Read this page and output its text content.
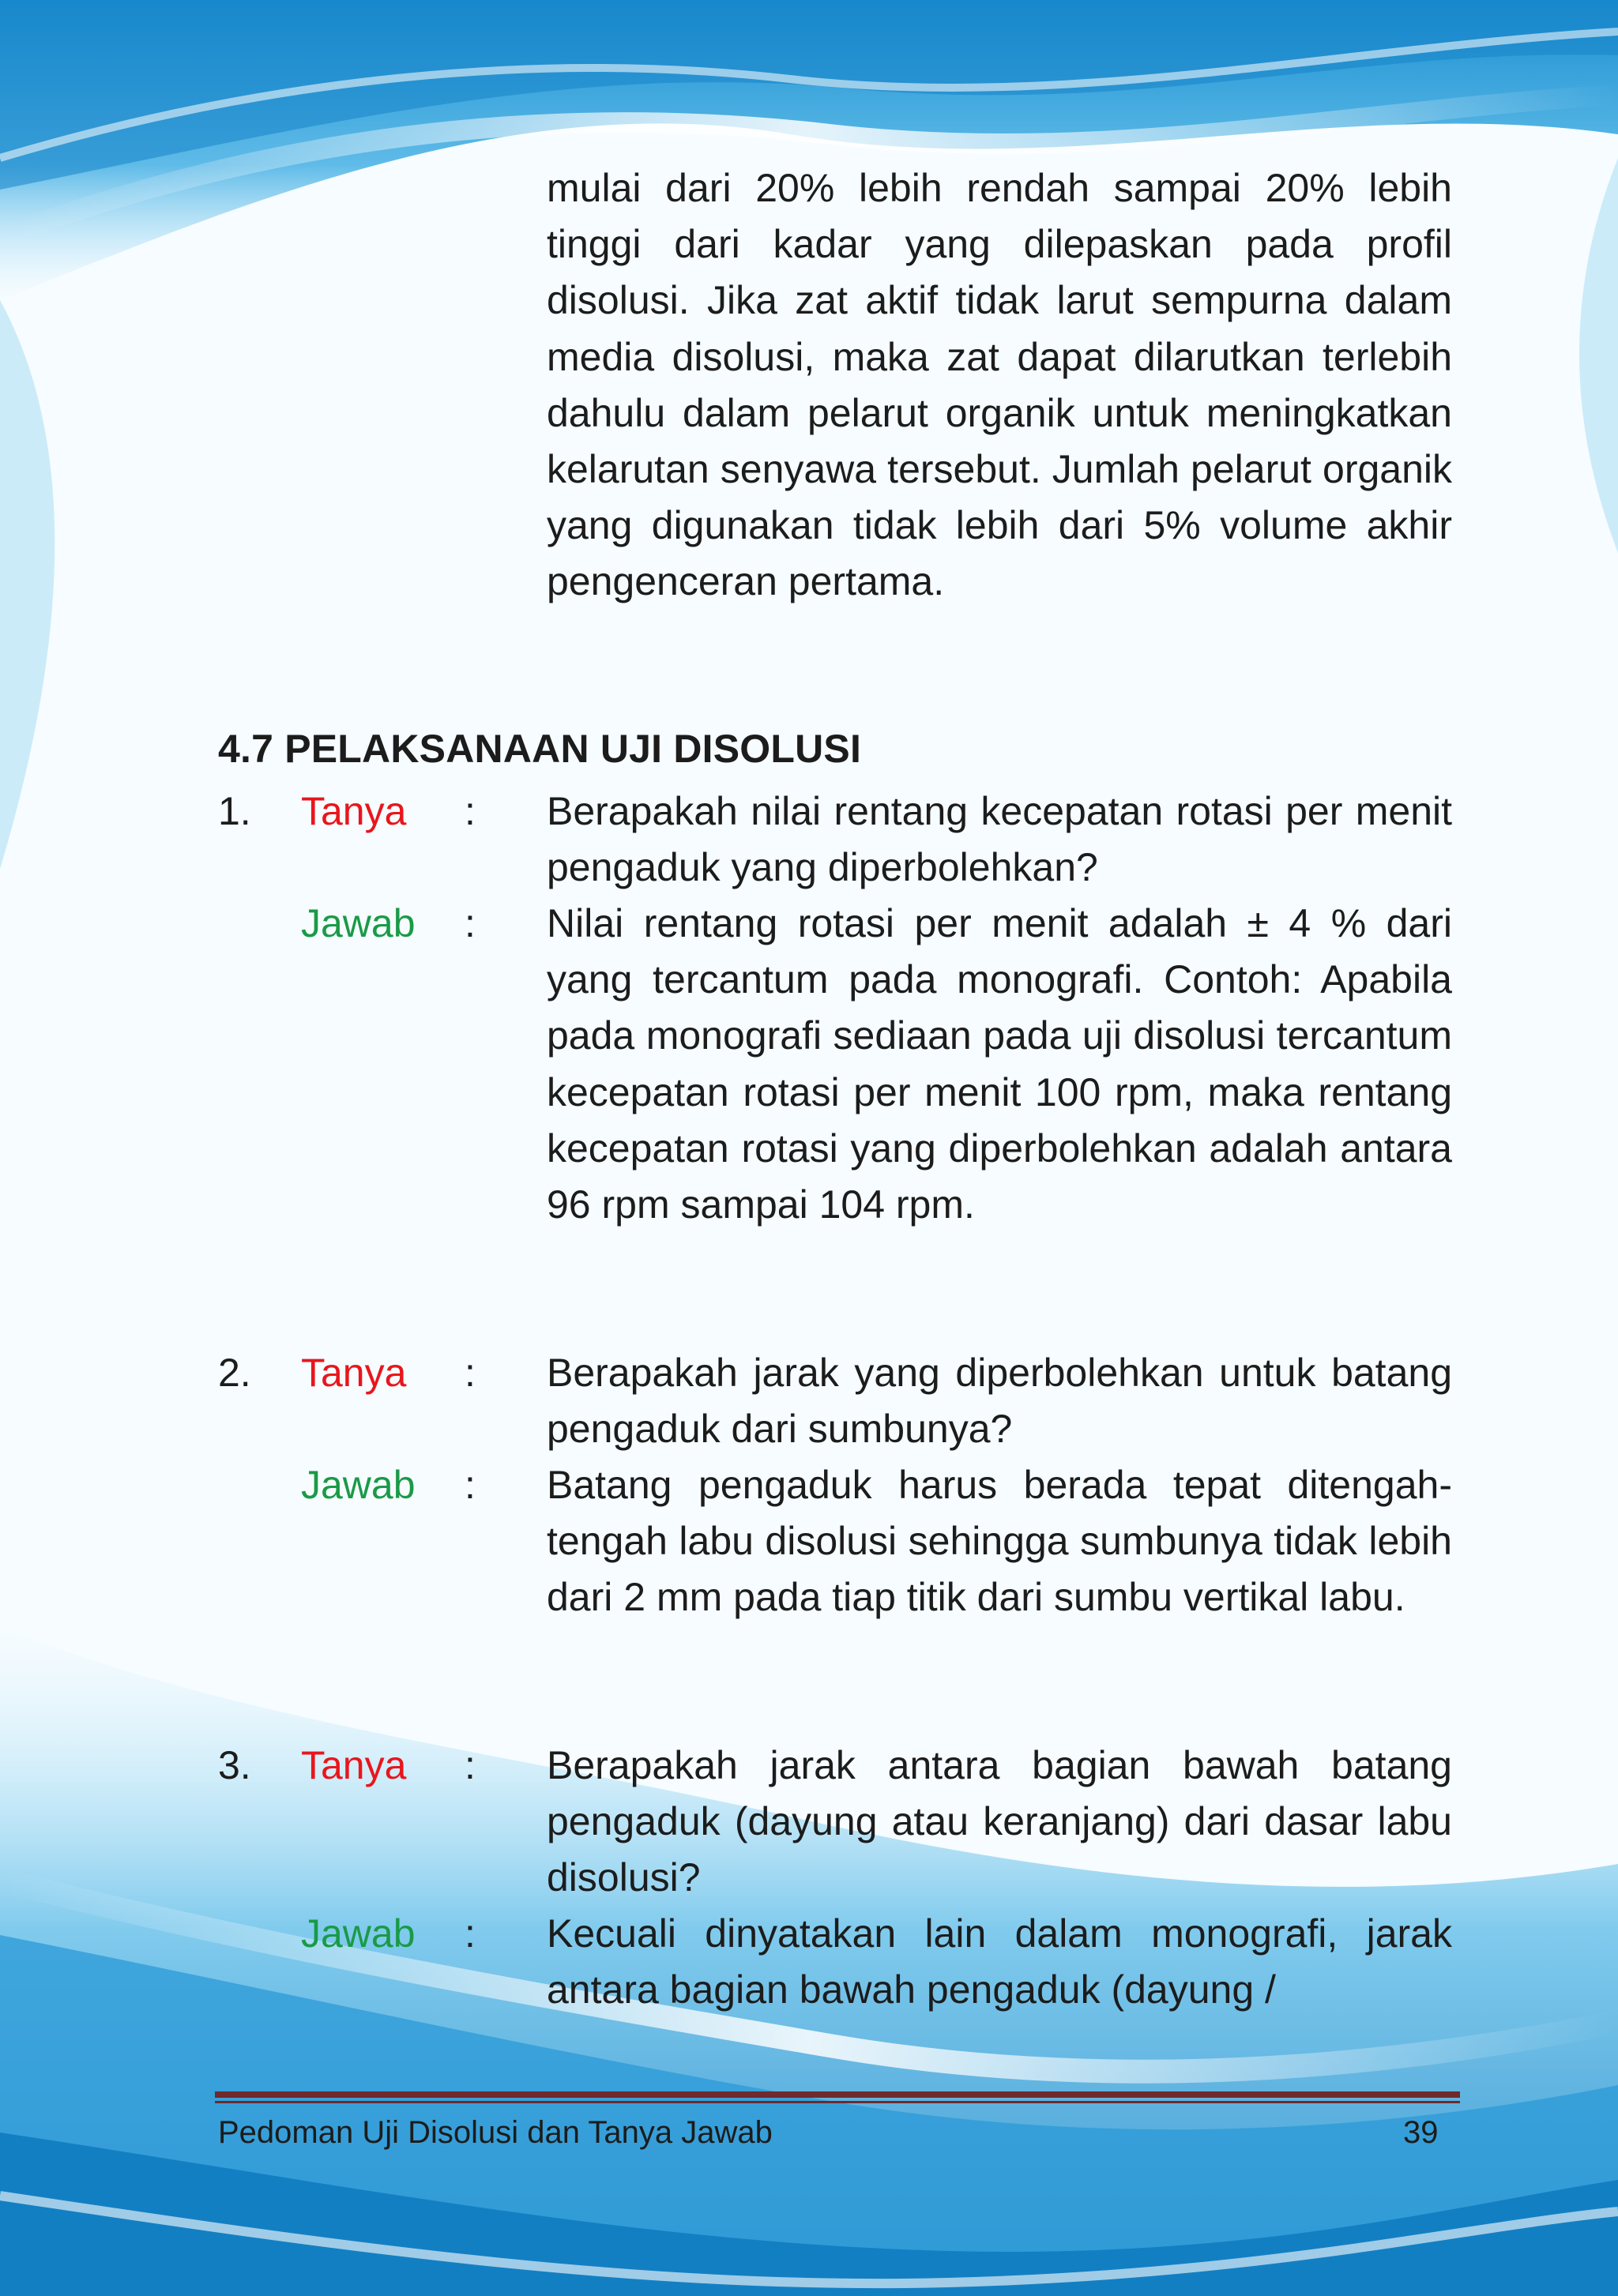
mulai dari 20% lebih rendah sampai 20% lebih tinggi dari kadar yang dilepaskan pada profil disolusi. Jika zat aktif tidak larut sempurna dalam media disolusi, maka zat dapat dilarutkan terlebih dahulu dalam pelarut organik untuk meningkatkan kelarutan senyawa tersebut. Jumlah pelarut organik yang digunakan tidak lebih dari 5% volume akhir pengenceran pertama.

4.7 PELAKSANAAN UJI DISOLUSI
1. Tanya : Berapakah nilai rentang kecepatan rotasi per menit pengaduk yang diperbolehkan?

Jawab : Nilai rentang rotasi per menit adalah ± 4 % dari yang tercantum pada monografi. Contoh: Apabila pada monografi sediaan pada uji disolusi tercantum kecepatan rotasi per menit 100 rpm, maka rentang kecepatan rotasi yang diperbolehkan adalah antara 96 rpm sampai 104 rpm.

2. Tanya : Berapakah jarak yang diperbolehkan untuk batang pengaduk dari sumbunya?

Jawab : Batang pengaduk harus berada tepat ditengah-tengah labu disolusi sehingga sumbunya tidak lebih dari 2 mm pada tiap titik dari sumbu vertikal labu.

3. Tanya : Berapakah jarak antara bagian bawah batang pengaduk (dayung atau keranjang) dari dasar labu disolusi?

Jawab : Kecuali dinyatakan lain dalam monografi, jarak antara bagian bawah pengaduk (dayung /

Pedoman Uji Disolusi dan Tanya Jawab	39
